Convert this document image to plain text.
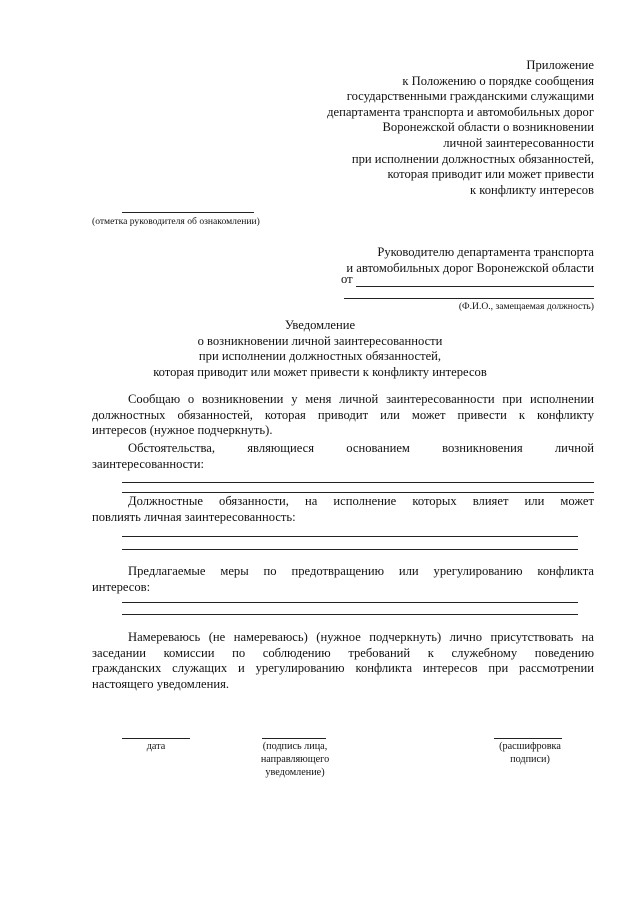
Приложение
к Положению о порядке сообщения
государственными гражданскими служащими
департамента транспорта и автомобильных дорог
Воронежской области о возникновении
личной заинтересованности
при исполнении должностных обязанностей,
которая приводит или может привести
к конфликту интересов
(отметка руководителя об ознакомлении)
Руководителю департамента транспорта
и автомобильных дорог Воронежской области
от
(Ф.И.О., замещаемая должность)
Уведомление
о возникновении личной заинтересованности
при исполнении должностных обязанностей,
которая приводит или может привести к конфликту интересов
Сообщаю о возникновении у меня личной заинтересованности при исполнении
должностных обязанностей, которая приводит или может привести к конфликту
интересов (нужное подчеркнуть).
Обстоятельства, являющиеся основанием возникновения личной
заинтересованности:
Должностные обязанности, на исполнение которых влияет или может
повлиять личная заинтересованность:
Предлагаемые меры по предотвращению или урегулированию конфликта
интересов:
Намереваюсь (не намереваюсь) (нужное подчеркнуть) лично присутствовать на
заседании комиссии по соблюдению требований к служебному поведению
гражданских служащих и урегулированию конфликта интересов при рассмотрении
настоящего уведомления.
дата	(подпись лица,
направляющего
уведомление)
(расшифровка
подписи)
